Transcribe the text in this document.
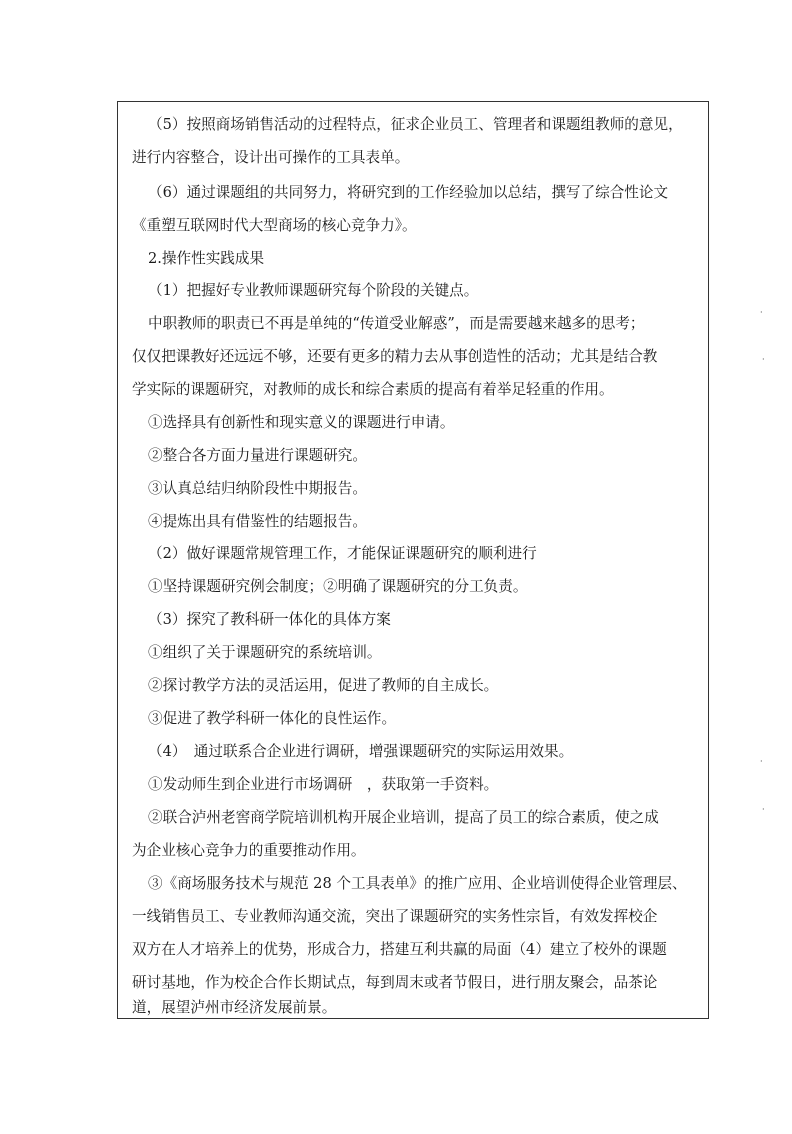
（5）按照商场销售活动的过程特点，征求企业员工、管理者和课题组教师的意见，
进行内容整合，设计出可操作的工具表单。
（6）通过课题组的共同努力，将研究到的工作经验加以总结，撰写了综合性论文
《重塑互联网时代大型商场的核心竞争力》。
2.操作性实践成果
（1）把握好专业教师课题研究每个阶段的关键点。
中职教师的职责已不再是单纯的“传道受业解惑”，而是需要越来越多的思考；
仅仅把课教好还远远不够，还要有更多的精力去从事创造性的活动；尤其是结合教
学实际的课题研究，对教师的成长和综合素质的提高有着举足轻重的作用。
①选择具有创新性和现实意义的课题进行申请。
②整合各方面力量进行课题研究。
③认真总结归纳阶段性中期报告。
④提炼出具有借鉴性的结题报告。
（2）做好课题常规管理工作，才能保证课题研究的顺利进行
①坚持课题研究例会制度；②明确了课题研究的分工负责。
（3）探究了教科研一体化的具体方案
①组织了关于课题研究的系统培训。
②探讨教学方法的灵活运用，促进了教师的自主成长。
③促进了教学科研一体化的良性运作。
（4）　通过联系合企业进行调研，增强课题研究的实际运用效果。
①发动师生到企业进行市场调研　，获取第一手资料。
②联合泸州老窖商学院培训机构开展企业培训，提高了员工的综合素质，使之成
为企业核心竞争力的重要推动作用。
③《商场服务技术与规范 28 个工具表单》的推广应用、企业培训使得企业管理层、
一线销售员工、专业教师沟通交流，突出了课题研究的实务性宗旨，有效发挥校企
双方在人才培养上的优势，形成合力，搭建互利共赢的局面（4）建立了校外的课题
研讨基地，作为校企合作长期试点，每到周末或者节假日，进行朋友聚会，品茶论
道，展望泸州市经济发展前景。
⸳
⸳
⸳
⸳
